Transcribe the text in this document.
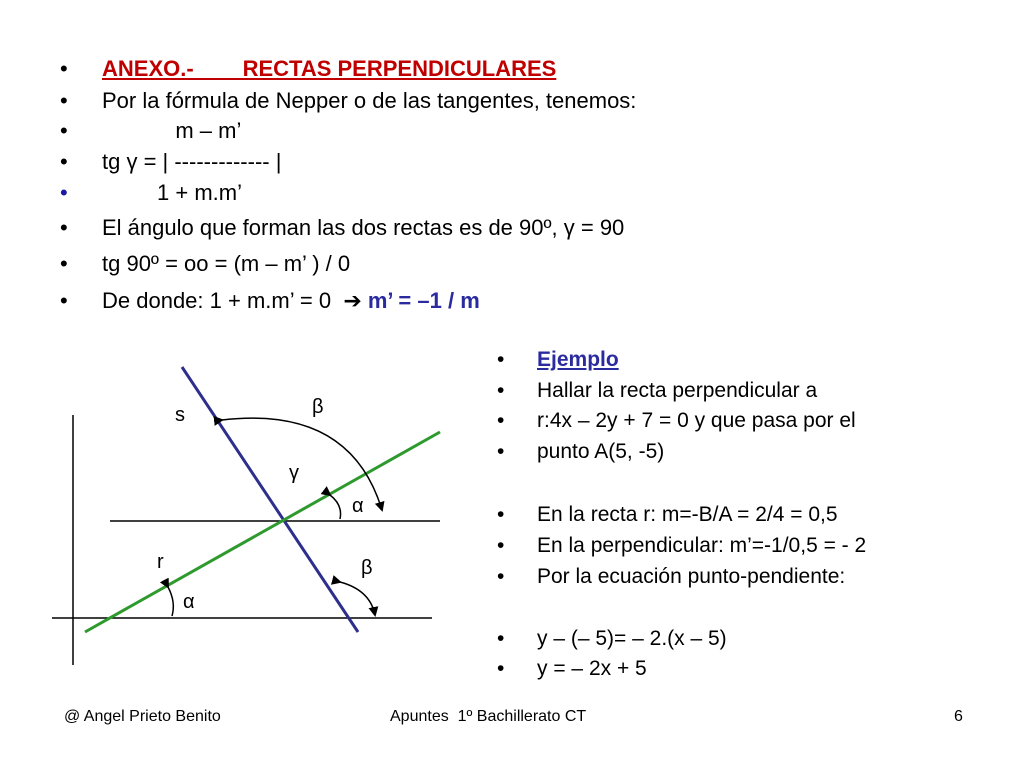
•

ANEXO.-        RECTAS PERPENDICULARES

•

Por la fórmula de Nepper o de las tangentes, tenemos:

•

m – m’

•

tg γ = | ------------- |

•

1 + m.m’

•

El ángulo que forman las dos rectas es de 90º, γ = 90

•

tg 90º = oo = (m – m’ ) / 0

•

De donde: 1 + m.m’ = 0  ➔ m’ = –1 / m

•

Ejemplo

•

Hallar la recta perpendicular a

•

r:4x – 2y + 7 = 0 y que pasa por el

•

punto A(5, -5)

•

En la recta r: m=-B/A = 2/4 = 0,5

•

En la perpendicular: m’=-1/0,5 = - 2

•

Por la ecuación punto-pendiente:

•

y – (– 5)= – 2.(x – 5)

•

y = – 2x + 5

s	β
γ
α
r	β
α
@ Angel Prieto Benito	Apuntes  1º Bachillerato CT	6
